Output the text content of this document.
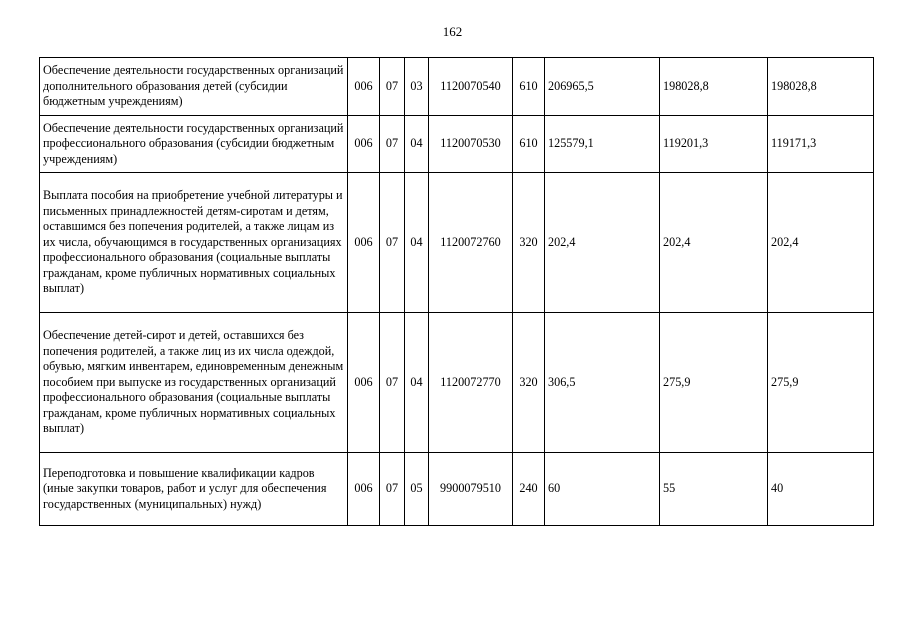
162
Обеспечение деятельности государственных организаций дополнительного образования детей (субсидии бюджетным учреждениям)	006	07	03	1120070540	610	206965,5	198028,8	198028,8
Обеспечение деятельности государственных организаций профессионального образования (субсидии бюджетным учреждениям)	006	07	04	1120070530	610	125579,1	119201,3	119171,3
Выплата пособия на приобретение учебной литературы и письменных принадлежностей детям-сиротам и детям, оставшимся без попечения родителей, а также лицам из их числа, обучающимся в государственных организациях профессионального образования (социальные выплаты гражданам, кроме публичных нормативных социальных выплат)	006	07	04	1120072760	320	202,4	202,4	202,4
Обеспечение детей-сирот и детей, оставшихся без попечения родителей, а также лиц из их числа одеждой, обувью, мягким инвентарем, единовременным денежным пособием при выпуске из государственных организаций профессионального образования (социальные выплаты гражданам, кроме публичных нормативных социальных выплат)	006	07	04	1120072770	320	306,5	275,9	275,9
Переподготовка и повышение квалификации кадров (иные закупки товаров, работ и услуг для обеспечения государственных (муниципальных) нужд)	006	07	05	9900079510	240	60	55	40
